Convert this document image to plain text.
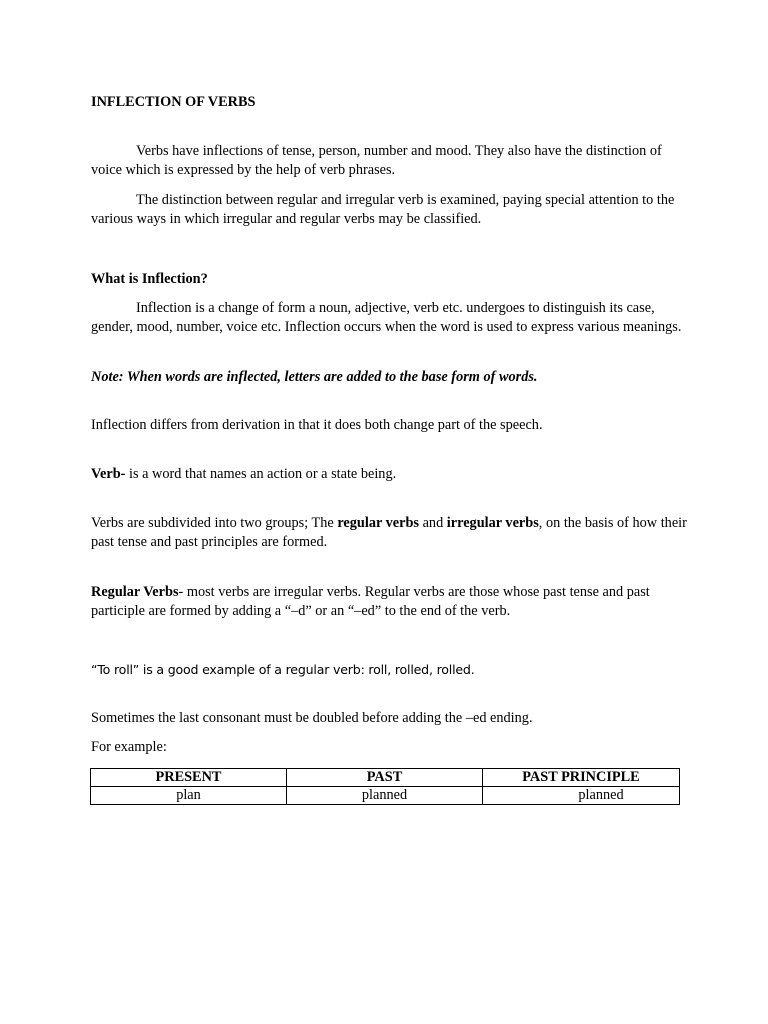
INFLECTION OF VERBS

Verbs have inflections of tense, person, number and mood. They also have the distinction of voice which is expressed by the help of verb phrases.

The distinction between regular and irregular verb is examined, paying special attention to the various ways in which irregular and regular verbs may be classified.

What is Inflection?

Inflection is a change of form a noun, adjective, verb etc. undergoes to distinguish its case, gender, mood, number, voice etc. Inflection occurs when the word is used to express various meanings.

Note: When words are inflected, letters are added to the base form of words.

Inflection differs from derivation in that it does both change part of the speech.

Verb- is a word that names an action or a state being.

Verbs are subdivided into two groups; The regular verbs and irregular verbs, on the basis of how their past tense and past principles are formed.

Regular Verbs- most verbs are irregular verbs. Regular verbs are those whose past tense and past participle are formed by adding a “–d” or an “–ed” to the end of the verb.

“To roll” is a good example of a regular verb: roll, rolled, rolled.

Sometimes the last consonant must be doubled before adding the –ed ending.

For example:

PRESENT	PAST	PAST PRINCIPLE
plan	planned	planned
